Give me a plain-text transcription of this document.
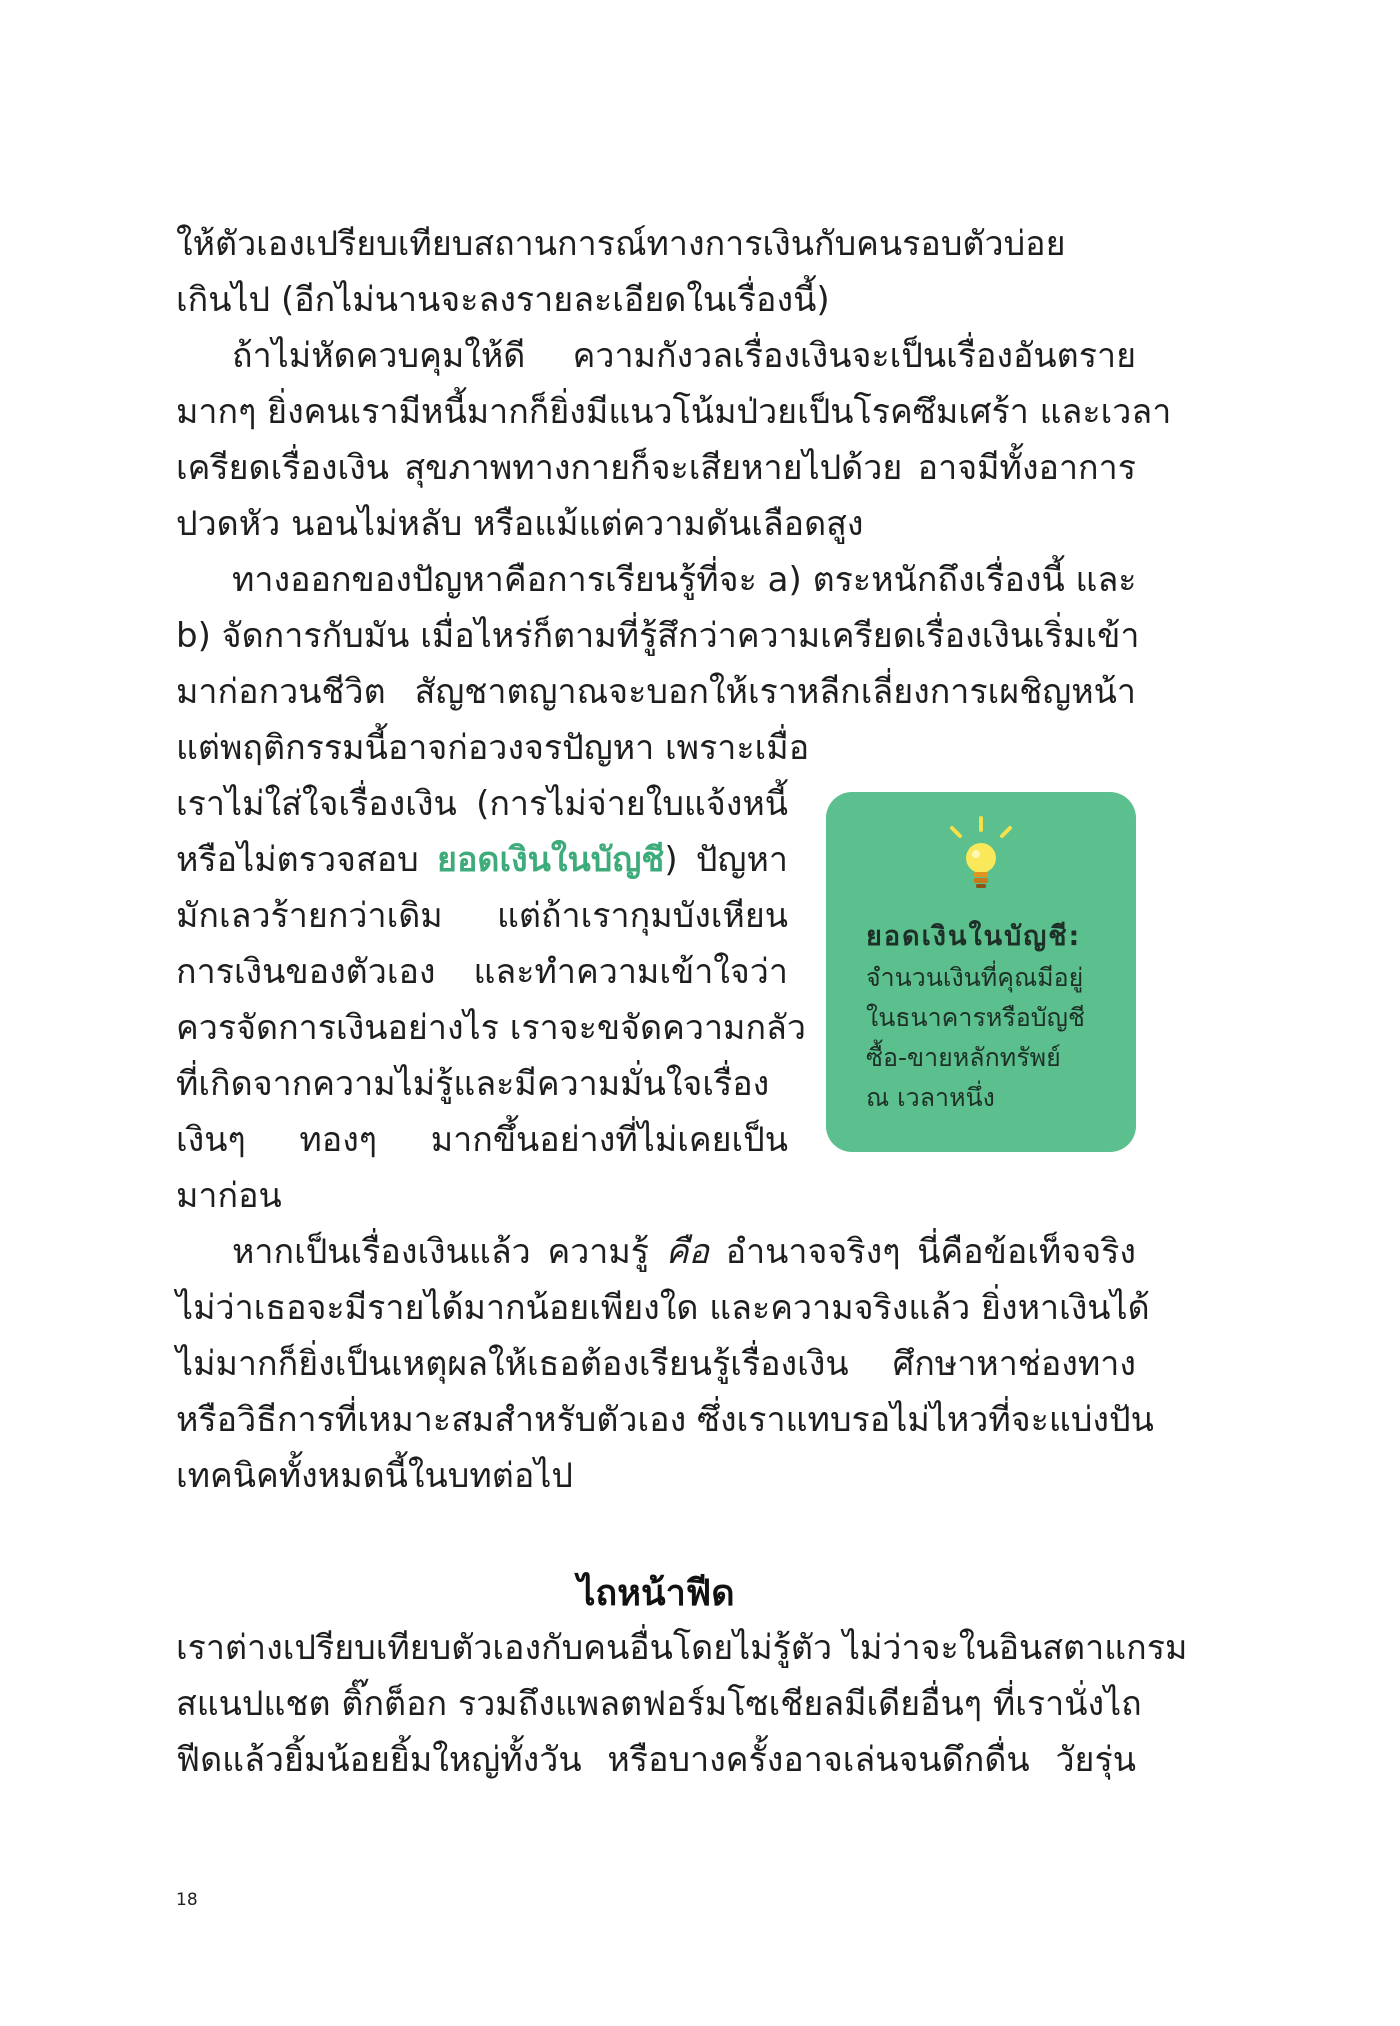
ให้ตัวเองเปรียบเทียบสถานการณ์ทางการเงินกับคนรอบตัวบ่อย
เกินไป (อีกไม่นานจะลงรายละเอียดในเรื่องนี้)
ถ้าไม่หัดควบคุมให้ดี ความกังวลเรื่องเงินจะเป็นเรื่องอันตราย
มากๆ ยิ่งคนเรามีหนี้มากก็ยิ่งมีแนวโน้มป่วยเป็นโรคซึมเศร้า และเวลา
เครียดเรื่องเงิน สุขภาพทางกายก็จะเสียหายไปด้วย อาจมีทั้งอาการ
ปวดหัว นอนไม่หลับ หรือแม้แต่ความดันเลือดสูง
ทางออกของปัญหาคือการเรียนรู้ที่จะ a) ตระหนักถึงเรื่องนี้ และ
b) จัดการกับมัน เมื่อไหร่ก็ตามที่รู้สึกว่าความเครียดเรื่องเงินเริ่มเข้า
มาก่อกวนชีวิต สัญชาตญาณจะบอกให้เราหลีกเลี่ยงการเผชิญหน้า
แต่พฤติกรรมนี้อาจก่อวงจรปัญหา เพราะเมื่อ
เราไม่ใส่ใจเรื่องเงิน (การไม่จ่ายใบแจ้งหนี้
หรือไม่ตรวจสอบ ยอดเงินในบัญชี) ปัญหา
มักเลวร้ายกว่าเดิม แต่ถ้าเรากุมบังเหียน
การเงินของตัวเอง และทำความเข้าใจว่า
ควรจัดการเงินอย่างไร เราจะขจัดความกลัว
ที่เกิดจากความไม่รู้และมีความมั่นใจเรื่อง
เงินๆ ทองๆ มากขึ้นอย่างที่ไม่เคยเป็น
มาก่อน
ยอดเงินในบัญชี:
จำนวนเงินที่คุณมีอยู่
ในธนาคารหรือบัญชี
ซื้อ-ขายหลักทรัพย์
ณ เวลาหนึ่ง
หากเป็นเรื่องเงินแล้ว ความรู้ คือ อำนาจจริงๆ นี่คือข้อเท็จจริง
ไม่ว่าเธอจะมีรายได้มากน้อยเพียงใด และความจริงแล้ว ยิ่งหาเงินได้
ไม่มากก็ยิ่งเป็นเหตุผลให้เธอต้องเรียนรู้เรื่องเงิน ศึกษาหาช่องทาง
หรือวิธีการที่เหมาะสมสำหรับตัวเอง ซึ่งเราแทบรอไม่ไหวที่จะแบ่งปัน
เทคนิคทั้งหมดนี้ในบทต่อไป
ไถหน้าฟีด
เราต่างเปรียบเทียบตัวเองกับคนอื่นโดยไม่รู้ตัว ไม่ว่าจะในอินสตาแกรม
สแนปแชต ติ๊กต็อก รวมถึงแพลตฟอร์มโซเชียลมีเดียอื่นๆ ที่เรานั่งไถ
ฟีดแล้วยิ้มน้อยยิ้มใหญ่ทั้งวัน หรือบางครั้งอาจเล่นจนดึกดื่น วัยรุ่น
18
